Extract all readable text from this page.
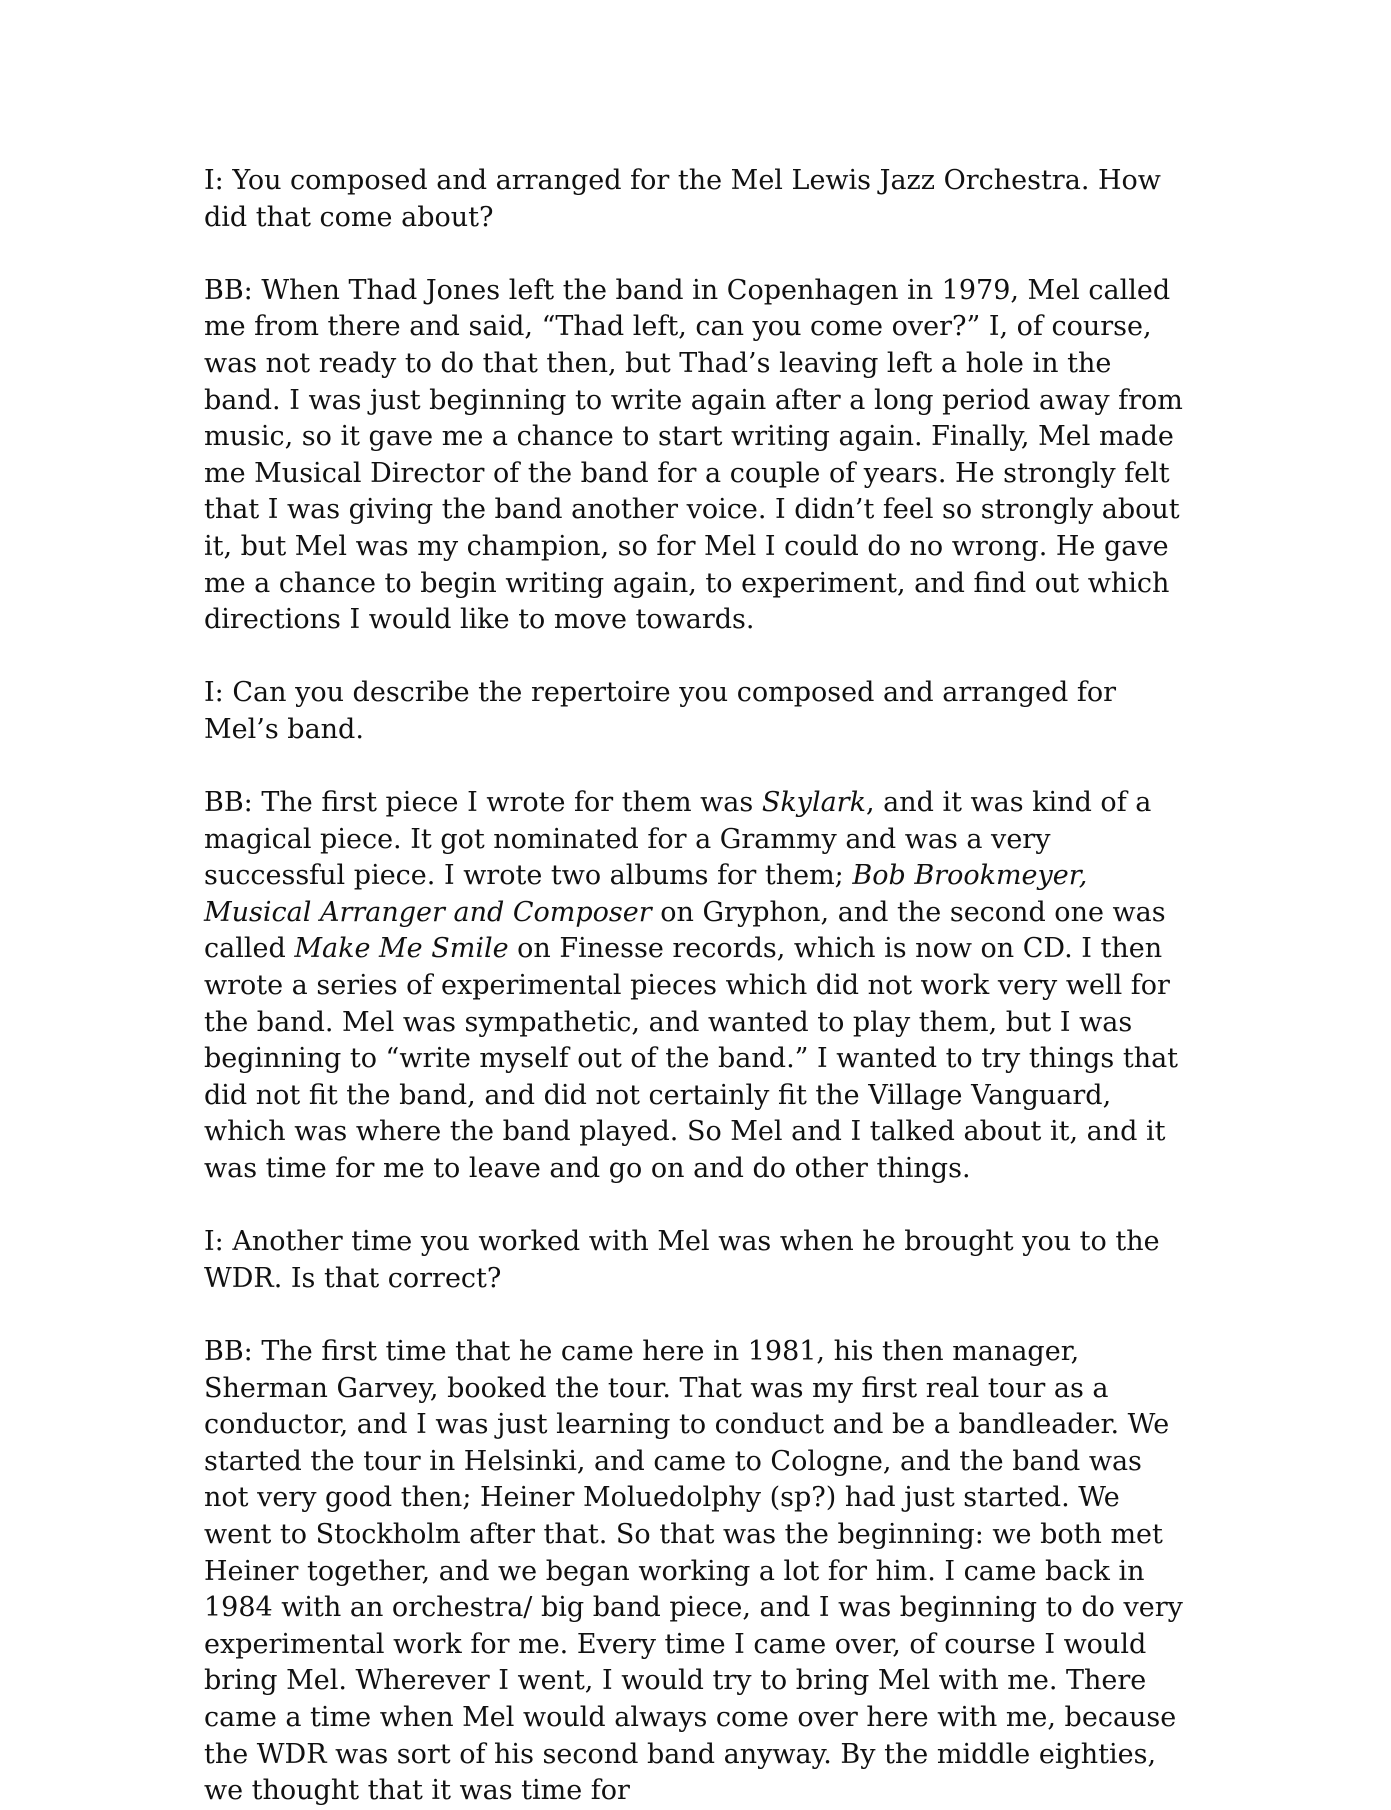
I: You composed and arranged for the Mel Lewis Jazz Orchestra. How did that come about?

BB: When Thad Jones left the band in Copenhagen in 1979, Mel called me from there and said, “Thad left, can you come over?” I, of course, was not ready to do that then, but Thad’s leaving left a hole in the band. I was just beginning to write again after a long period away from music, so it gave me a chance to start writing again. Finally, Mel made me Musical Director of the band for a couple of years. He strongly felt that I was giving the band another voice. I didn’t feel so strongly about it, but Mel was my champion, so for Mel I could do no wrong. He gave me a chance to begin writing again, to experiment, and find out which directions I would like to move towards.

I: Can you describe the repertoire you composed and arranged for Mel’s band.

BB: The first piece I wrote for them was Skylark, and it was kind of a magical piece. It got nominated for a Grammy and was a very successful piece. I wrote two albums for them; Bob Brookmeyer, Musical Arranger and Composer on Gryphon, and the second one was called Make Me Smile on Finesse records, which is now on CD. I then wrote a series of experimental pieces which did not work very well for the band. Mel was sympathetic, and wanted to play them, but I was beginning to “write myself out of the band.” I wanted to try things that did not fit the band, and did not certainly fit the Village Vanguard, which was where the band played. So Mel and I talked about it, and it was time for me to leave and go on and do other things.

I: Another time you worked with Mel was when he brought you to the WDR. Is that correct?

BB: The first time that he came here in 1981, his then manager, Sherman Garvey, booked the tour. That was my first real tour as a conductor, and I was just learning to conduct and be a bandleader. We started the tour in Helsinki, and came to Cologne, and the band was not very good then; Heiner Moluedolphy (sp?) had just started. We went to Stockholm after that. So that was the beginning: we both met Heiner together, and we began working a lot for him. I came back in 1984 with an orchestra/ big band piece, and I was beginning to do very experimental work for me. Every time I came over, of course I would bring Mel. Wherever I went, I would try to bring Mel with me. There came a time when Mel would always come over here with me, because the WDR was sort of his second band anyway. By the middle eighties, we thought that it was time for
